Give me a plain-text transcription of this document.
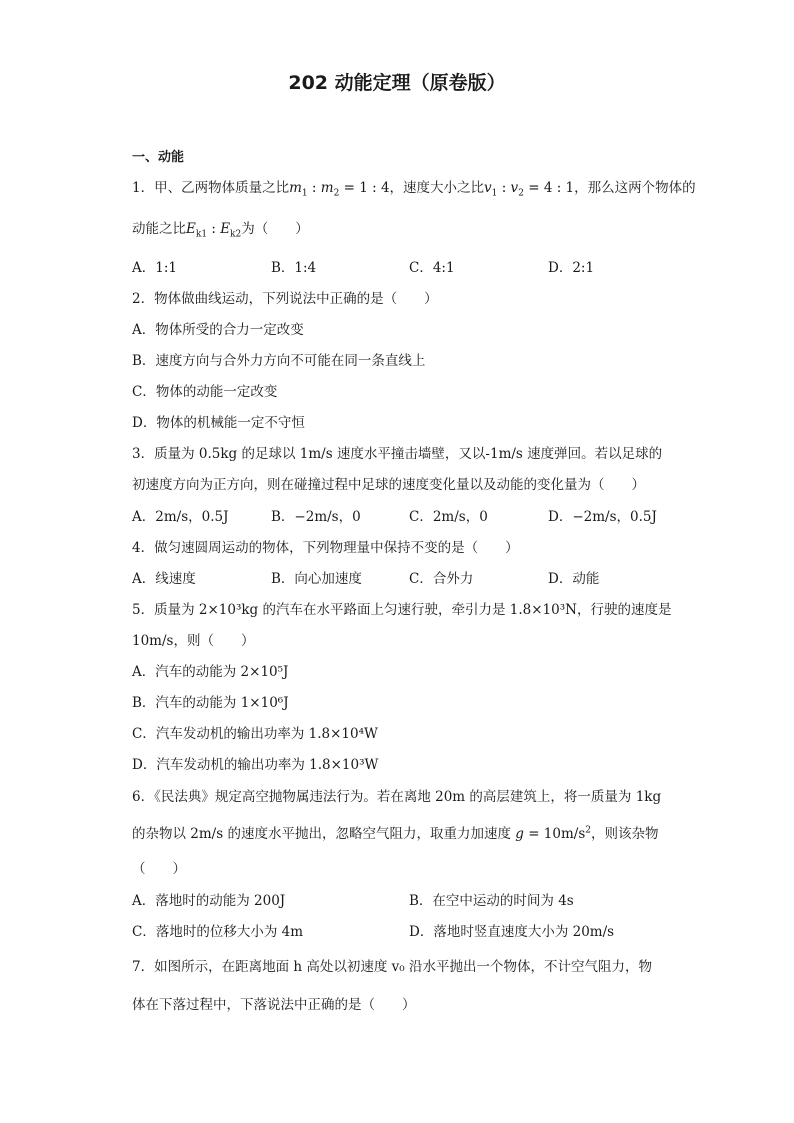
202 动能定理（原卷版）
一、动能
1．甲、乙两物体质量之比$m_1$ : $m_2 = 1$ : 4，速度大小之比$v_1$ : $v_2 = 4$ : 1，那么这两个物体的
动能之比$E_{k1}$ : $E_{k2}$为（　　）
A．1:1	B．1:4	C．4:1	D．2:1
2．物体做曲线运动，下列说法中正确的是（　　）
A．物体所受的合力一定改变
B．速度方向与合外力方向不可能在同一条直线上
C．物体的动能一定改变
D．物体的机械能一定不守恒
3．质量为 0.5kg 的足球以 1m/s 速度水平撞击墙壁，又以-1m/s 速度弹回。若以足球的
初速度方向为正方向，则在碰撞过程中足球的速度变化量以及动能的变化量为（　　）
A．2m/s，0.5J	B．−2m/s，0	C．2m/s，0	D．−2m/s，0.5J
4．做匀速圆周运动的物体，下列物理量中保持不变的是（　　）
A．线速度	B．向心加速度	C．合外力	D．动能
5．质量为 2×10³kg 的汽车在水平路面上匀速行驶，牵引力是 1.8×10³N，行驶的速度是
10m/s，则（　　）
A．汽车的动能为 2×10⁵J
B．汽车的动能为 1×10⁶J
C．汽车发动机的输出功率为 1.8×10⁴W
D．汽车发动机的输出功率为 1.8×10³W
6．《民法典》规定高空抛物属违法行为。若在离地 20m 的高层建筑上，将一质量为 1kg
的杂物以 2m/s 的速度水平抛出，忽略空气阻力，取重力加速度 $g = 10m/s^2$，则该杂物
（　　）
A．落地时的动能为 200J	B．在空中运动的时间为 4s
C．落地时的位移大小为 4m	D．落地时竖直速度大小为 20m/s
7．如图所示，在距离地面 h 高处以初速度 v₀ 沿水平抛出一个物体，不计空气阻力，物
体在下落过程中，下落说法中正确的是（　　）
